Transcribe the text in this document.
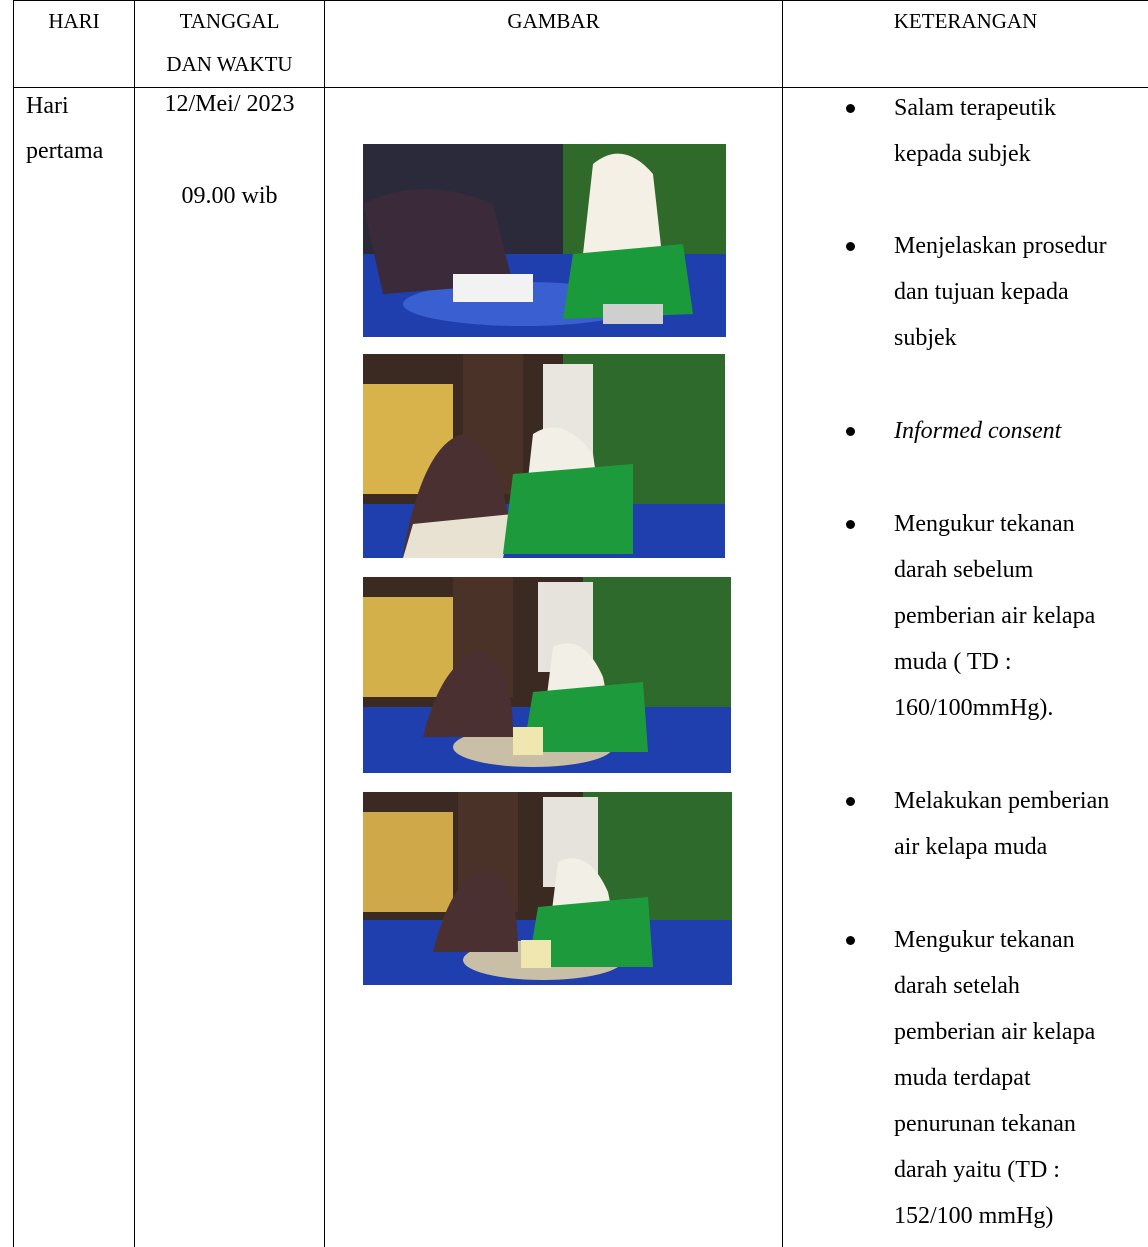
HARI	TANGGAL
DAN WAKTU
GAMBAR	KETERANGAN
Hari
pertama
12/Mei/ 2023
09.00 wib
Salam terapeutik
kepada subjek
Menjelaskan prosedur
dan tujuan kepada
subjek
Informed consent
Mengukur tekanan
darah sebelum
pemberian air kelapa
muda ( TD :
160/100mmHg).
Melakukan pemberian
air kelapa muda
Mengukur tekanan
darah setelah
pemberian air kelapa
muda terdapat
penurunan tekanan
darah yaitu (TD :
152/100 mmHg)
